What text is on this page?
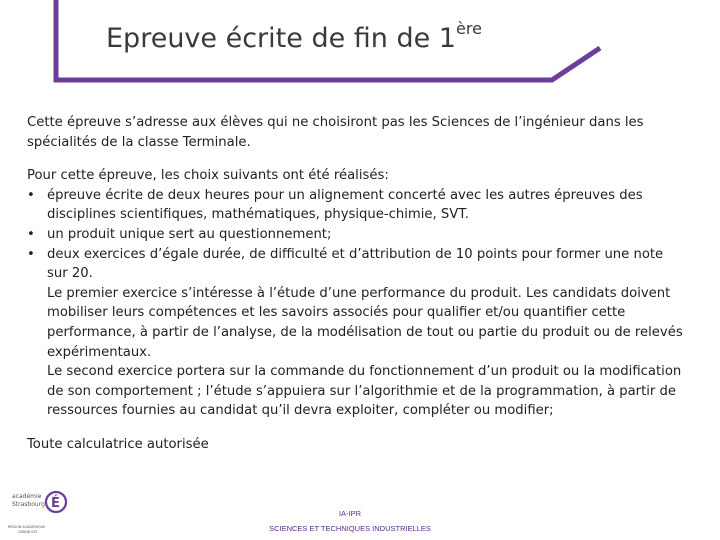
Epreuve écrite de fin de 1ère

Cette épreuve s’adresse aux élèves qui ne choisiront pas les Sciences de l’ingénieur dans les spécialités de la classe Terminale.

Pour cette épreuve, les choix suivants ont été réalisés:

• épreuve écrite de deux heures pour un alignement concerté avec les autres épreuves des disciplines scientifiques, mathématiques, physique-chimie, SVT.
• un produit unique sert au questionnement;
• deux exercices d’égale durée, de difficulté et d’attribution de 10 points pour former une note sur 20.
Le premier exercice s’intéresse à l’étude d’une performance du produit. Les candidats doivent mobiliser leurs compétences et les savoirs associés pour qualifier et/ou quantifier cette performance, à partir de l’analyse, de la modélisation de tout ou partie du produit ou de relevés expérimentaux.
Le second exercice portera sur la commande du fonctionnement d’un produit ou la modification de son comportement ; l’étude s’appuiera sur l’algorithmie et de la programmation, à partir de ressources fournies au candidat qu’il devra exploiter, compléter ou modifier;

Toute calculatrice autorisée

É
académie
Strasbourg
RÉGION ACADÉMIQUE
GRAND EST
IA-IPR
SCIENCES ET TECHNIQUES INDUSTRIELLES
